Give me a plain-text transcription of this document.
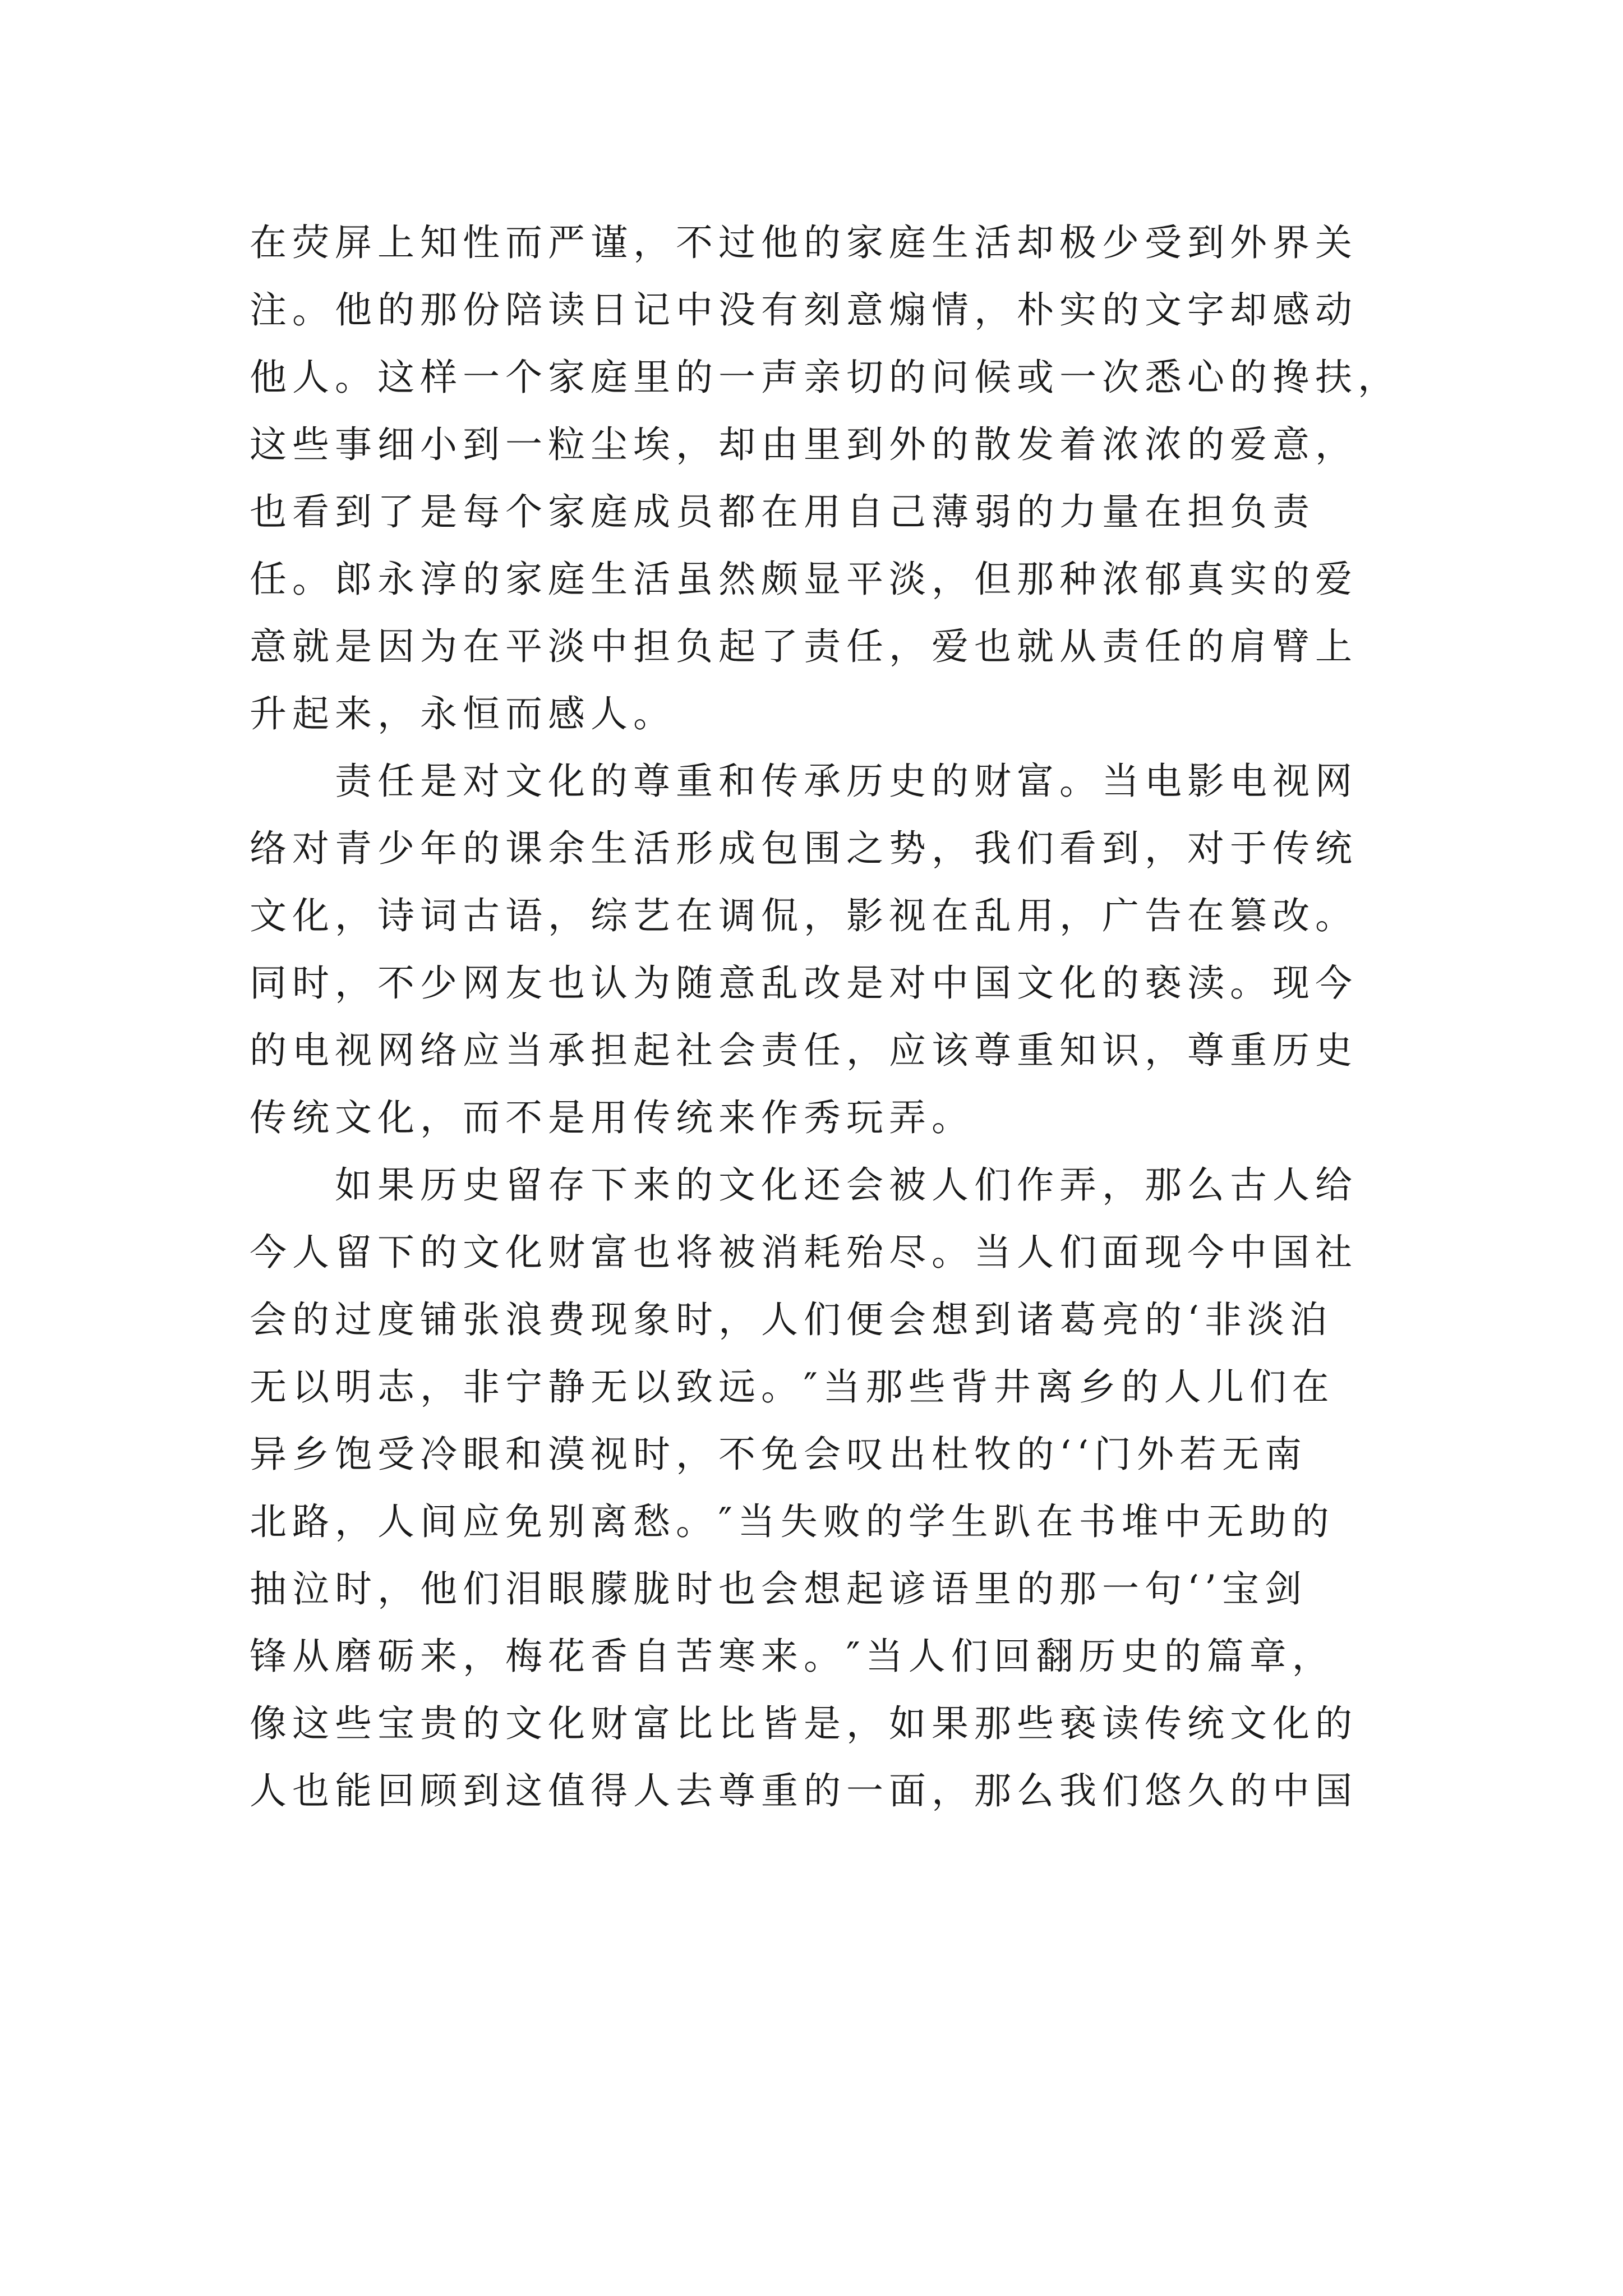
在荧屏上知性而严谨，不过他的家庭生活却极少受到外界关
注。他的那份陪读日记中没有刻意煽情，朴实的文字却感动
他人。这样一个家庭里的一声亲切的问候或一次悉心的搀扶，
这些事细小到一粒尘埃，却由里到外的散发着浓浓的爱意，
也看到了是每个家庭成员都在用自己薄弱的力量在担负责
任。郎永淳的家庭生活虽然颇显平淡，但那种浓郁真实的爱
意就是因为在平淡中担负起了责任，爱也就从责任的肩臂上
升起来，永恒而感人。
　　责任是对文化的尊重和传承历史的财富。当电影电视网
络对青少年的课余生活形成包围之势，我们看到，对于传统
文化，诗词古语，综艺在调侃，影视在乱用，广告在篡改。
同时，不少网友也认为随意乱改是对中国文化的亵渎。现今
的电视网络应当承担起社会责任，应该尊重知识，尊重历史
传统文化，而不是用传统来作秀玩弄。
　　如果历史留存下来的文化还会被人们作弄，那么古人给
今人留下的文化财富也将被消耗殆尽。当人们面现今中国社
会的过度铺张浪费现象时，人们便会想到诸葛亮的‘非淡泊
无以明志，非宁静无以致远。″当那些背井离乡的人儿们在
异乡饱受冷眼和漠视时，不免会叹出杜牧的‘‘门外若无南
北路，人间应免别离愁。″当失败的学生趴在书堆中无助的
抽泣时，他们泪眼朦胧时也会想起谚语里的那一句‘’宝剑
锋从磨砺来，梅花香自苦寒来。″当人们回翻历史的篇章，
像这些宝贵的文化财富比比皆是，如果那些亵读传统文化的
人也能回顾到这值得人去尊重的一面，那么我们悠久的中国
